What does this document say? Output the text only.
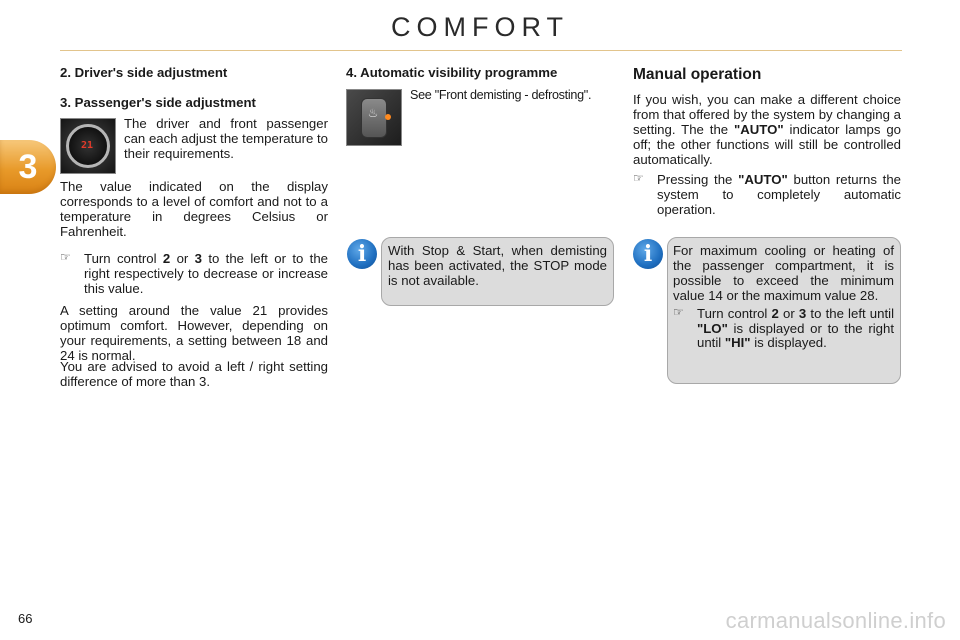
COMFORT
3
2. Driver's side adjustment
3. Passenger's side adjustment
21

The driver and front passenger can each adjust the temperature to their requirements.

The value indicated on the display corresponds to a level of comfort and not to a temperature in degrees Celsius or Fahrenheit.

☞ Turn control 2 or 3 to the left or to the right respectively to decrease or increase this value.

A setting around the value 21 provides optimum comfort. However, depending on your requirements, a setting between 18 and 24 is normal.

You are advised to avoid a left / right setting difference of more than 3.

4. Automatic visibility programme
♨
See "Front demisting - defrosting".
i	With Stop & Start, when demisting has been activated, the STOP mode is not available.

Manual operation

If you wish, you can make a different choice from that offered by the system by changing a setting. The the "AUTO" indicator lamps go off; the other functions will still be controlled automatically.

☞ Pressing the "AUTO" button returns the system to completely automatic operation.
i	For maximum cooling or heating of the passenger compartment, it is possible to exceed the minimum value 14 or the maximum value 28.

☞ Turn control 2 or 3 to the left until "LO" is displayed or to the right until "HI" is displayed.
66	carmanualsonline.info
